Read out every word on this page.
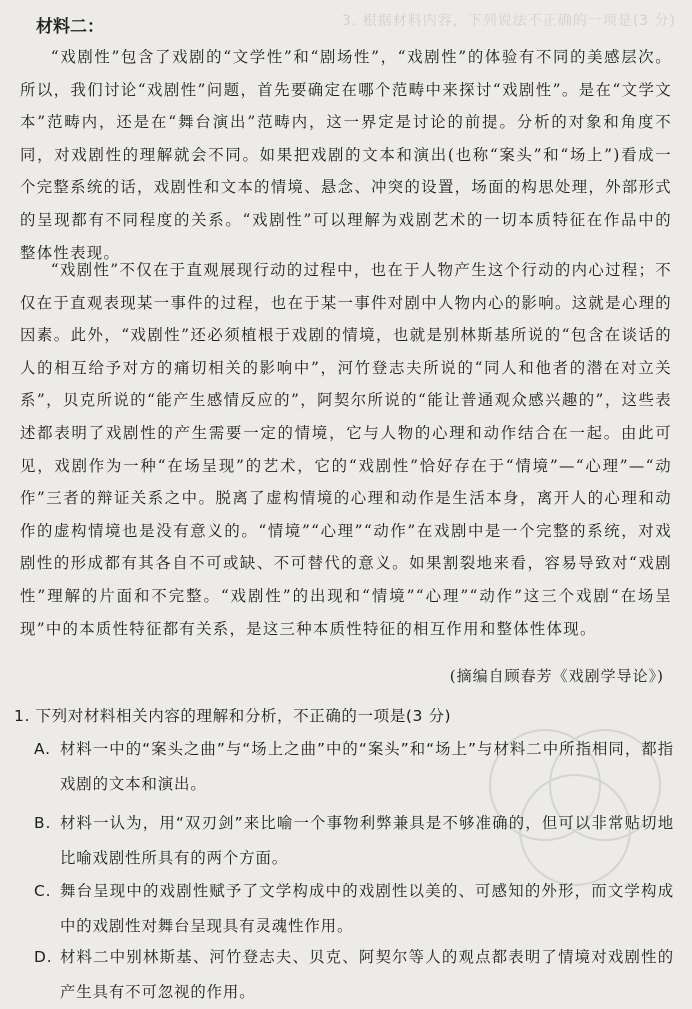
3. 根据材料内容，下列说法不正确的一项是(3 分)
材料二：

“戏剧性”包含了戏剧的“文学性”和“剧场性”，“戏剧性”的体验有不同的美感层次。所以，我们讨论“戏剧性”问题，首先要确定在哪个范畴中来探讨“戏剧性”。是在“文学文本”范畴内，还是在“舞台演出”范畴内，这一界定是讨论的前提。分析的对象和角度不同，对戏剧性的理解就会不同。如果把戏剧的文本和演出(也称“案头”和“场上”)看成一个完整系统的话，戏剧性和文本的情境、悬念、冲突的设置，场面的构思处理，外部形式的呈现都有不同程度的关系。“戏剧性”可以理解为戏剧艺术的一切本质特征在作品中的整体性表现。

“戏剧性”不仅在于直观展现行动的过程中，也在于人物产生这个行动的内心过程；不仅在于直观表现某一事件的过程，也在于某一事件对剧中人物内心的影响。这就是心理的因素。此外，“戏剧性”还必须植根于戏剧的情境，也就是别林斯基所说的“包含在谈话的人的相互给予对方的痛切相关的影响中”，河竹登志夫所说的“同人和他者的潜在对立关系”，贝克所说的“能产生感情反应的”，阿契尔所说的“能让普通观众感兴趣的”，这些表述都表明了戏剧性的产生需要一定的情境，它与人物的心理和动作结合在一起。由此可见，戏剧作为一种“在场呈现”的艺术，它的“戏剧性”恰好存在于“情境”—“心理”—“动作”三者的辩证关系之中。脱离了虚构情境的心理和动作是生活本身，离开人的心理和动作的虚构情境也是没有意义的。“情境”“心理”“动作”在戏剧中是一个完整的系统，对戏剧性的形成都有其各自不可或缺、不可替代的意义。如果割裂地来看，容易导致对“戏剧性”理解的片面和不完整。“戏剧性”的出现和“情境”“心理”“动作”这三个戏剧“在场呈现”中的本质性特征都有关系，是这三种本质性特征的相互作用和整体性体现。

(摘编自顾春芳《戏剧学导论》)
1. 下列对材料相关内容的理解和分析，不正确的一项是(3 分)
A. 材料一中的“案头之曲”与“场上之曲”中的“案头”和“场上”与材料二中所指相同，都指戏剧的文本和演出。
B. 材料一认为，用“双刃剑”来比喻一个事物利弊兼具是不够准确的，但可以非常贴切地比喻戏剧性所具有的两个方面。
C. 舞台呈现中的戏剧性赋予了文学构成中的戏剧性以美的、可感知的外形，而文学构成中的戏剧性对舞台呈现具有灵魂性作用。
D. 材料二中别林斯基、河竹登志夫、贝克、阿契尔等人的观点都表明了情境对戏剧性的产生具有不可忽视的作用。
